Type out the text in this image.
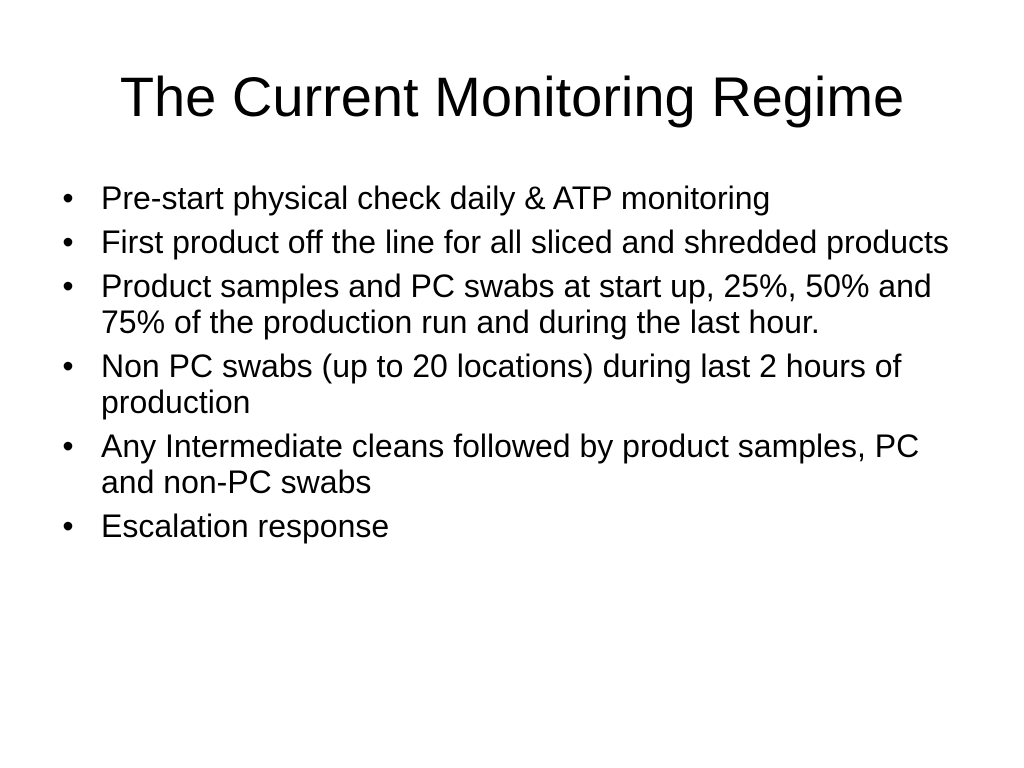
The Current Monitoring Regime
• Pre-start physical check daily & ATP monitoring
• First product off the line for all sliced and shredded products
• Product samples and PC swabs at start up, 25%, 50% and 75% of the production run and during the last hour.
• Non PC swabs (up to 20 locations) during last 2 hours of production
• Any Intermediate cleans followed by product samples, PC and non-PC swabs
• Escalation response
